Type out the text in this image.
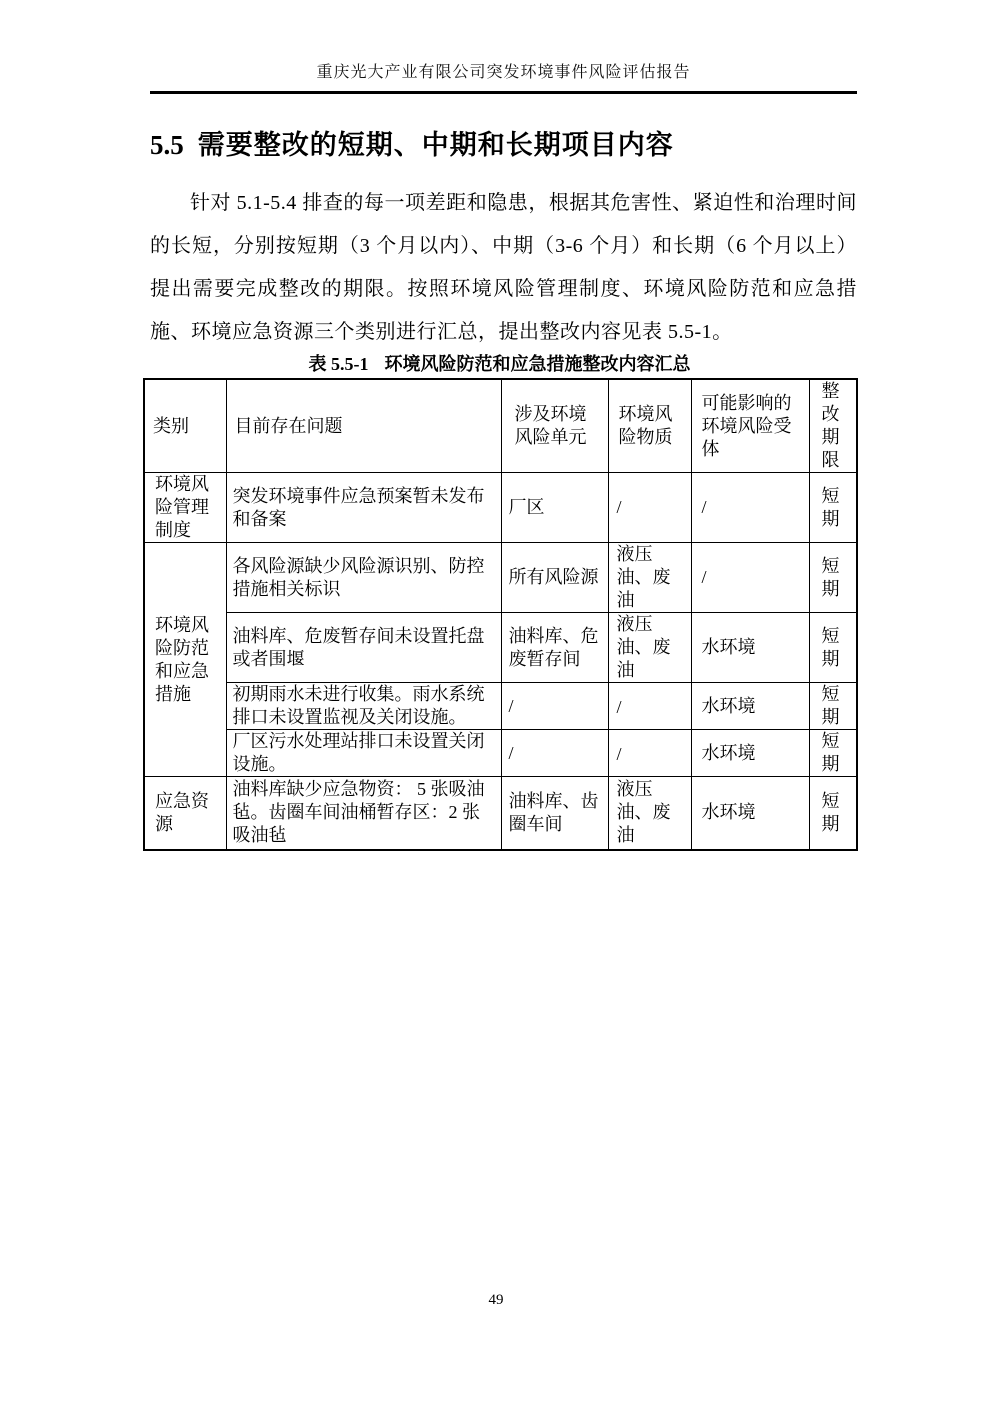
重庆光大产业有限公司突发环境事件风险评估报告
5.5 需要整改的短期、中期和长期项目内容

针对 5.1-5.4 排查的每一项差距和隐患，根据其危害性、紧迫性和治理时间的长短，分别按短期（3 个月以内）、中期（3-6 个月）和长期（6 个月以上）提出需要完成整改的期限。按照环境风险管理制度、环境风险防范和应急措施、环境应急资源三个类别进行汇总，提出整改内容见表 5.5-1。

表 5.5-1 环境风险防范和应急措施整改内容汇总
类别	目前存在问题	涉及环境风险单元	环境风险物质	可能影响的环境风险受体	整改期限
环境风险管理制度	突发环境事件应急预案暂未发布和备案	厂区	/	/	短期
环境风险防范和应急措施	各风险源缺少风险源识别、防控措施相关标识	所有风险源	液压油、废油	/	短期
	油料库、危废暂存间未设置托盘或者围堰	油料库、危废暂存间	液压油、废油	水环境	短期
	初期雨水未进行收集。雨水系统排口未设置监视及关闭设施。	/	/	水环境	短期
	厂区污水处理站排口未设置关闭设施。	/	/	水环境	短期
应急资源	油料库缺少应急物资： 5 张吸油毡。齿圈车间油桶暂存区：2 张吸油毡	油料库、齿圈车间	液压油、废油	水环境	短期
49
